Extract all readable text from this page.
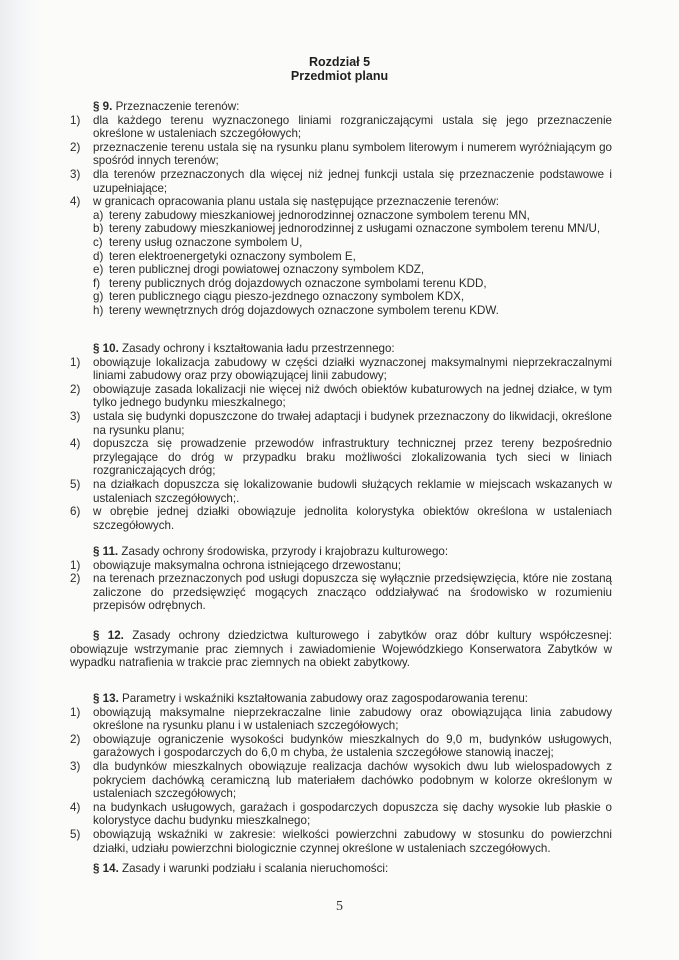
Rozdział 5
Przedmiot planu
§ 9. Przeznaczenie terenów:
1)	dla każdego terenu wyznaczonego liniami rozgraniczającymi ustala się jego przeznaczenie określone w ustaleniach szczegółowych;
2)	przeznaczenie terenu ustala się na rysunku planu symbolem literowym i numerem wyróżniającym go spośród innych terenów;
3)	dla terenów przeznaczonych dla więcej niż jednej funkcji ustala się przeznaczenie podstawowe i uzupełniające;
4)	w granicach opracowania planu ustala się następujące przeznaczenie terenów:
a) tereny zabudowy mieszkaniowej jednorodzinnej oznaczone symbolem terenu MN,
b) tereny zabudowy mieszkaniowej jednorodzinnej z usługami oznaczone symbolem terenu MN/U,
c) tereny usług oznaczone symbolem U,
d) teren elektroenergetyki oznaczony symbolem E,
e) teren publicznej drogi powiatowej oznaczony symbolem KDZ,
f) tereny publicznych dróg dojazdowych oznaczone symbolami terenu KDD,
g) teren publicznego ciągu pieszo-jezdnego oznaczony symbolem KDX,
h) tereny wewnętrznych dróg dojazdowych oznaczone symbolem terenu KDW.
§ 10. Zasady ochrony i kształtowania ładu przestrzennego:
1)	obowiązuje lokalizacja zabudowy w części działki wyznaczonej maksymalnymi nieprzekraczalnymi liniami zabudowy oraz przy obowiązującej linii zabudowy;
2)	obowiązuje zasada lokalizacji nie więcej niż dwóch obiektów kubaturowych na jednej działce, w tym tylko jednego budynku mieszkalnego;
3)	ustala się budynki dopuszczone do trwałej adaptacji i budynek przeznaczony do likwidacji, określone na rysunku planu;
4)	dopuszcza się prowadzenie przewodów infrastruktury technicznej przez tereny bezpośrednio przylegające do dróg w przypadku braku możliwości zlokalizowania tych sieci w liniach rozgraniczających dróg;
5)	na działkach dopuszcza się lokalizowanie budowli służących reklamie w miejscach wskazanych w ustaleniach szczegółowych;.
6)	w obrębie jednej działki obowiązuje jednolita kolorystyka obiektów określona w ustaleniach szczegółowych.
§ 11. Zasady ochrony środowiska, przyrody i krajobrazu kulturowego:
1)	obowiązuje maksymalna ochrona istniejącego drzewostanu;
2)	na terenach przeznaczonych pod usługi dopuszcza się wyłącznie przedsięwzięcia, które nie zostaną zaliczone do przedsięwzięć mogących znacząco oddziaływać na środowisko w rozumieniu przepisów odrębnych.
§ 12. Zasady ochrony dziedzictwa kulturowego i zabytków oraz dóbr kultury współczesnej: obowiązuje wstrzymanie prac ziemnych i zawiadomienie Wojewódzkiego Konserwatora Zabytków w wypadku natrafienia w trakcie prac ziemnych na obiekt zabytkowy.
§ 13. Parametry i wskaźniki kształtowania zabudowy oraz zagospodarowania terenu:
1)	obowiązują maksymalne nieprzekraczalne linie zabudowy oraz obowiązująca linia zabudowy określone na rysunku planu i w ustaleniach szczegółowych;
2)	obowiązuje ograniczenie wysokości budynków mieszkalnych do 9,0 m, budynków usługowych, garażowych i gospodarczych do 6,0 m chyba, że ustalenia szczegółowe stanowią inaczej;
3)	dla budynków mieszkalnych obowiązuje realizacja dachów wysokich dwu lub wielospadowych z pokryciem dachówką ceramiczną lub materiałem dachówko podobnym w kolorze określonym w ustaleniach szczegółowych;
4)	na budynkach usługowych, garażach i gospodarczych dopuszcza się dachy wysokie lub płaskie o kolorystyce dachu budynku mieszkalnego;
5)	obowiązują wskaźniki w zakresie: wielkości powierzchni zabudowy w stosunku do powierzchni działki, udziału powierzchni biologicznie czynnej określone w ustaleniach szczegółowych.
§ 14. Zasady i warunki podziału i scalania nieruchomości:
5
